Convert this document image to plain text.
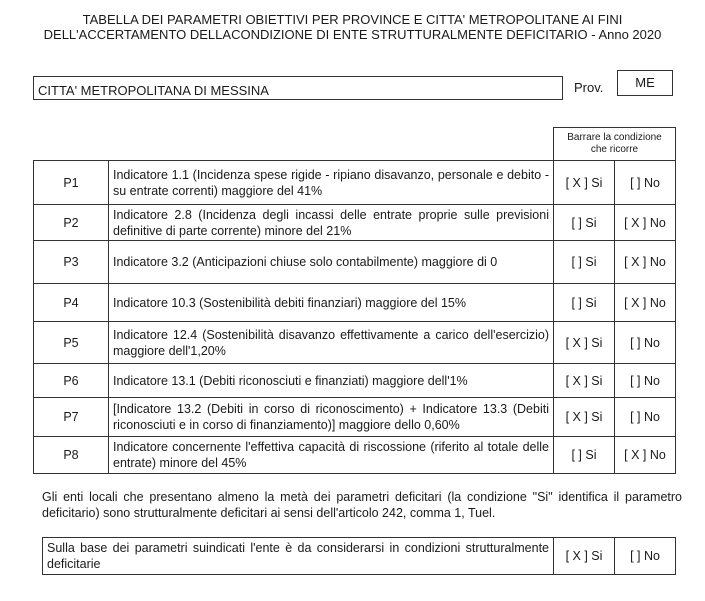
TABELLA DEI PARAMETRI OBIETTIVI PER PROVINCE E CITTA' METROPOLITANE AI FINI
DELL'ACCERTAMENTO DELLACONDIZIONE DI ENTE STRUTTURALMENTE DEFICITARIO - Anno 2020
CITTA' METROPOLITANA DI MESSINA	Prov.	ME
		Barrare la condizione che ricorre	
P1	Indicatore 1.1 (Incidenza spese rigide - ripiano disavanzo, personale e debito - su entrate correnti) maggiore del 41%	[ X ] Si	[ ] No
P2	Indicatore 2.8 (Incidenza degli incassi delle entrate proprie sulle previsioni definitive di parte corrente) minore del 21%	[ ] Si	[ X ] No
P3	Indicatore 3.2 (Anticipazioni chiuse solo contabilmente) maggiore di 0	[ ] Si	[ X ] No
P4	Indicatore 10.3 (Sostenibilità debiti finanziari) maggiore del 15%	[ ] Si	[ X ] No
P5	Indicatore 12.4 (Sostenibilità disavanzo effettivamente a carico dell'esercizio) maggiore dell'1,20%	[ X ] Si	[ ] No
P6	Indicatore 13.1 (Debiti riconosciuti e finanziati) maggiore dell'1%	[ X ] Si	[ ] No
P7	[Indicatore 13.2 (Debiti in corso di riconoscimento) + Indicatore 13.3 (Debiti riconosciuti e in corso di finanziamento)] maggiore dello 0,60%	[ X ] Si	[ ] No
P8	Indicatore concernente l'effettiva capacità di riscossione (riferito al totale delle entrate) minore del 45%	[ ] Si	[ X ] No
Gli enti locali che presentano almeno la metà dei parametri deficitari (la condizione "Si" identifica il parametro deficitario) sono strutturalmente deficitari ai sensi dell'articolo 242, comma 1, Tuel.
Sulla base dei parametri suindicati l'ente è da considerarsi in condizioni strutturalmente deficitarie	[ X ] Si	[ ] No
